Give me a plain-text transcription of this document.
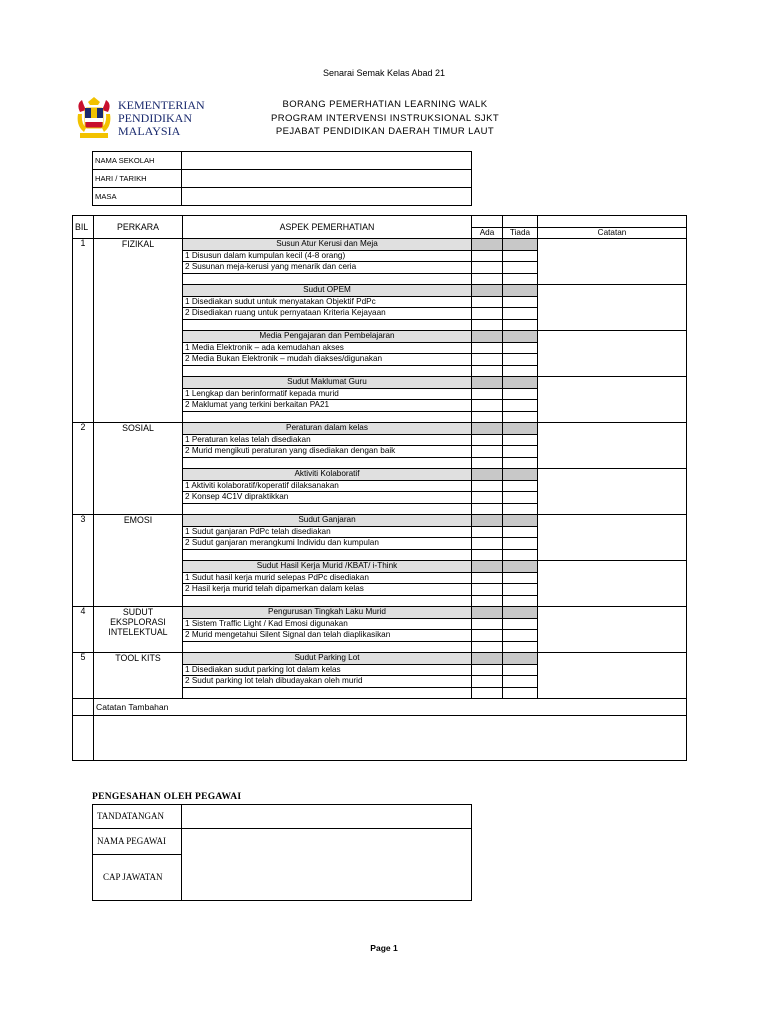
Senarai Semak Kelas Abad 21
KEMENTERIAN
PENDIDIKAN
MALAYSIA
BORANG PEMERHATIAN LEARNING WALK
PROGRAM INTERVENSI INSTRUKSIONAL SJKT
PEJABAT PENDIDIKAN DAERAH TIMUR LAUT
NAMA SEKOLAH	
HARI / TARIKH	
MASA	
BIL	PERKARA	ASPEK PEMERHATIAN			
			Ada	Tiada	Catatan
1	FIZIKAL	Susun Atur Kerusi dan Meja			
		1 Disusun dalam kumpulan kecil (4-8 orang)			
		2 Susunan meja-kerusi yang menarik dan ceria			

		Sudut OPEM			
		1 Disediakan sudut untuk menyatakan Objektif PdPc			
		2 Disediakan ruang untuk pernyataan Kriteria Kejayaan			

		Media Pengajaran dan Pembelajaran			
		1 Media Elektronik – ada kemudahan akses			
		2 Media Bukan Elektronik – mudah diakses/digunakan			

		Sudut Maklumat Guru			
		1 Lengkap dan berinformatif kepada murid			
		2 Maklumat yang terkini berkaitan PA21			

2	SOSIAL	Peraturan dalam kelas			
		1 Peraturan kelas telah disediakan			
		2 Murid mengikuti peraturan yang disediakan dengan baik			

		Aktiviti Kolaboratif			
		1 Aktiviti kolaboratif/koperatif dilaksanakan			
		2 Konsep 4C1V dipraktikkan			

3	EMOSI	Sudut Ganjaran			
		1 Sudut ganjaran PdPc telah disediakan			
		2 Sudut ganjaran merangkumi Individu dan kumpulan			

		Sudut Hasil Kerja Murid /KBAT/ i-Think			
		1 Sudut hasil kerja murid selepas PdPc disediakan			
		2 Hasil kerja murid telah dipamerkan dalam kelas			

4	SUDUT EKSPLORASI INTELEKTUAL	Pengurusan Tingkah Laku Murid			
		1 Sistem Traffic Light / Kad Emosi digunakan			
		2 Murid mengetahui Silent Signal dan telah diaplikasikan			

5	TOOL KITS	Sudut Parking Lot			
		1 Disediakan sudut parking lot dalam kelas			
		2 Sudut parking lot telah dibudayakan oleh murid			

	Catatan Tambahan				

PENGESAHAN OLEH PEGAWAI
TANDATANGAN	
NAMA PEGAWAI	
CAP JAWATAN	
Page 1
